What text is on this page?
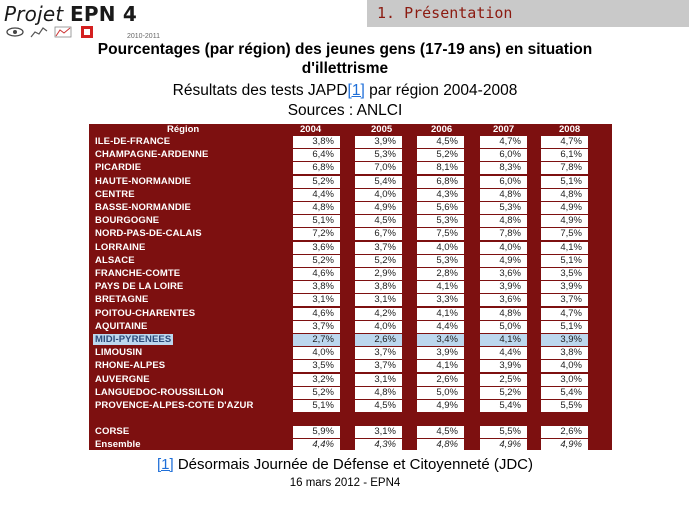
Projet EPN 4
2010-2011
1. Présentation
Pourcentages (par région) des jeunes gens (17-19 ans) en situation d'illettrisme
Résultats des tests JAPD[1] par région 2004-2008
Sources : ANLCI
Région	2004	2005	2006	2007	2008
ILE-DE-FRANCE	3,8%	3,9%	4,5%	4,7%	4,7%
CHAMPAGNE-ARDENNE	6,4%	5,3%	5,2%	6,0%	6,1%
PICARDIE	6,8%	7,0%	8,1%	8,3%	7,8%
HAUTE-NORMANDIE	5,2%	5,4%	6,8%	6,0%	5,1%
CENTRE	4,4%	4,0%	4,3%	4,8%	4,8%
BASSE-NORMANDIE	4,8%	4,9%	5,6%	5,3%	4,9%
BOURGOGNE	5,1%	4,5%	5,3%	4,8%	4,9%
NORD-PAS-DE-CALAIS	7,2%	6,7%	7,5%	7,8%	7,5%
LORRAINE	3,6%	3,7%	4,0%	4,0%	4,1%
ALSACE	5,2%	5,2%	5,3%	4,9%	5,1%
FRANCHE-COMTE	4,6%	2,9%	2,8%	3,6%	3,5%
PAYS DE LA LOIRE	3,8%	3,8%	4,1%	3,9%	3,9%
BRETAGNE	3,1%	3,1%	3,3%	3,6%	3,7%
POITOU-CHARENTES	4,6%	4,2%	4,1%	4,8%	4,7%
AQUITAINE	3,7%	4,0%	4,4%	5,0%	5,1%
MIDI-PYRENEES	2,7%	2,6%	3,4%	4,1%	3,9%
LIMOUSIN	4,0%	3,7%	3,9%	4,4%	3,8%
RHONE-ALPES	3,5%	3,7%	4,1%	3,9%	4,0%
AUVERGNE	3,2%	3,1%	2,6%	2,5%	3,0%
LANGUEDOC-ROUSSILLON	5,2%	4,8%	5,0%	5,2%	5,4%
PROVENCE-ALPES-COTE D'AZUR	5,1%	4,5%	4,9%	5,4%	5,5%
CORSE	5,9%	3,1%	4,5%	5,5%	2,6%
Ensemble	4,4%	4,3%	4,8%	4,9%	4,9%
[1] Désormais Journée de Défense et Citoyenneté (JDC)
16 mars 2012 - EPN4
